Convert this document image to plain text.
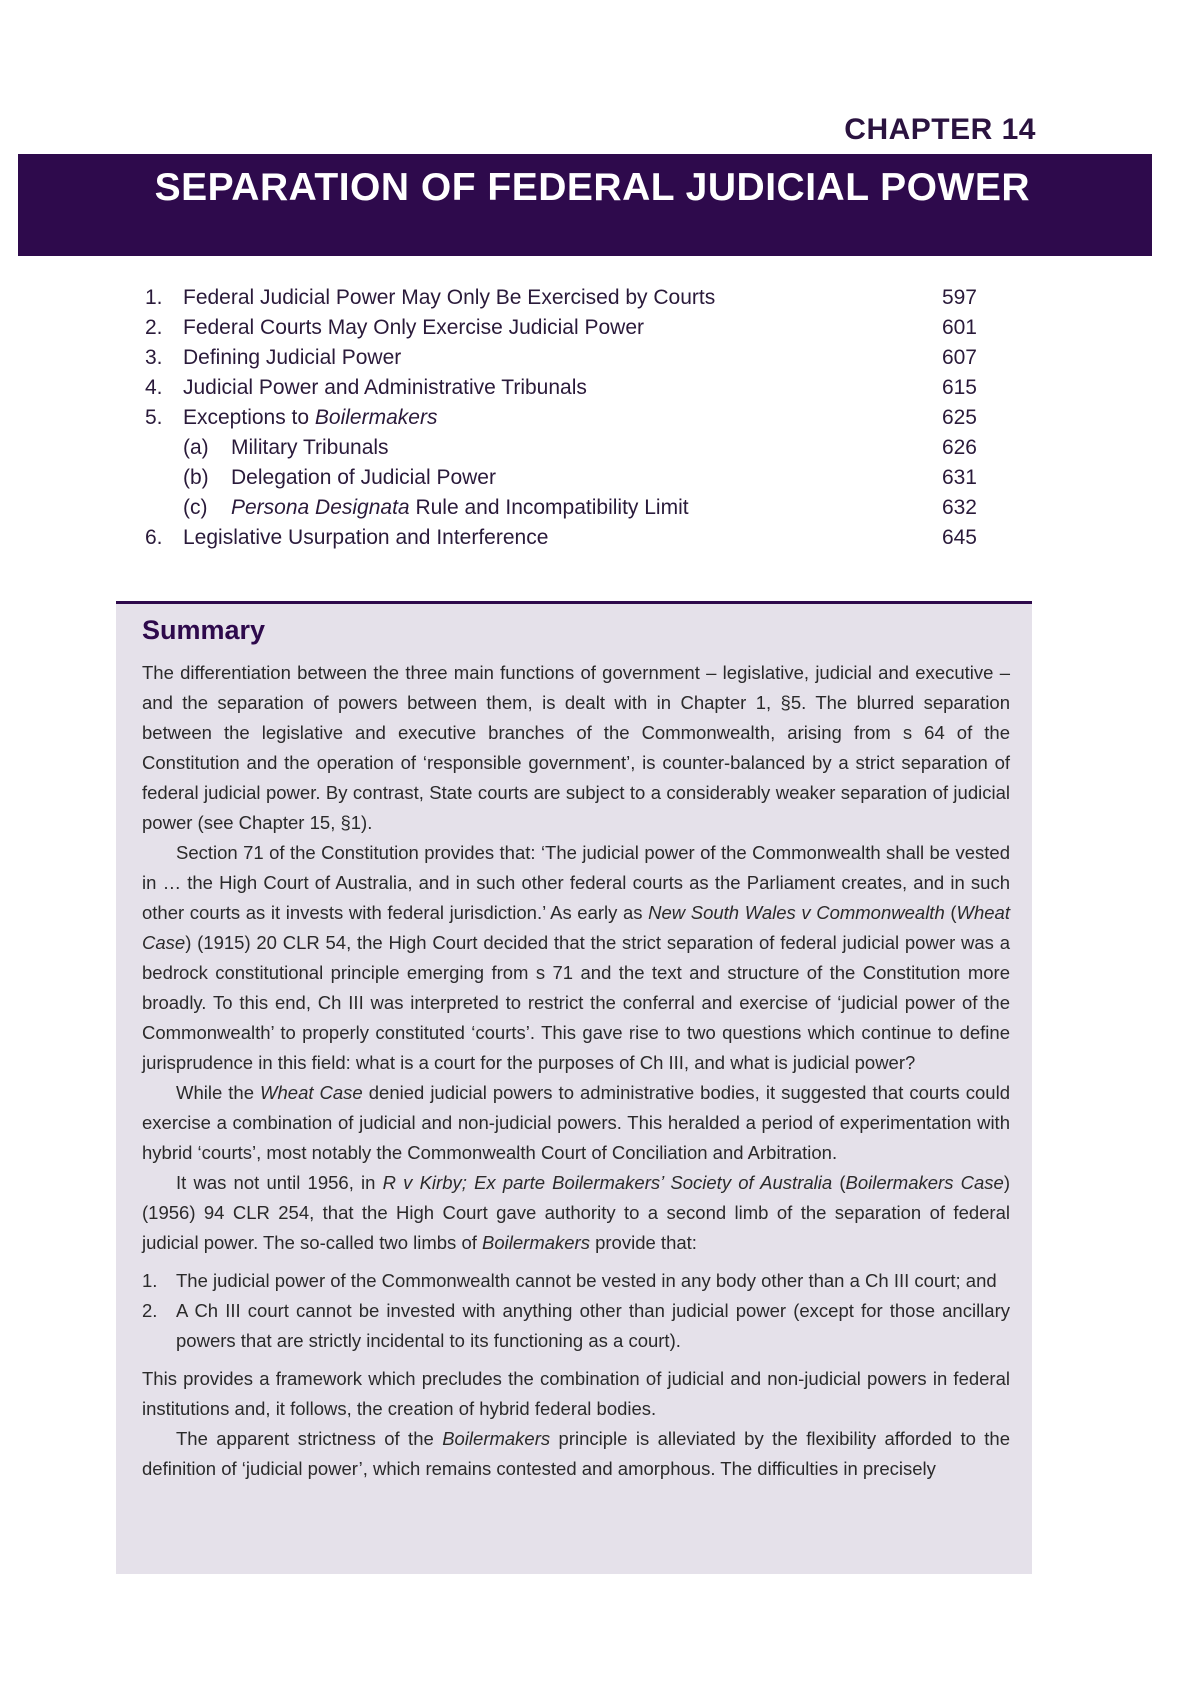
CHAPTER 14
SEPARATION OF FEDERAL JUDICIAL POWER
1. Federal Judicial Power May Only Be Exercised by Courts	597
2. Federal Courts May Only Exercise Judicial Power	601
3. Defining Judicial Power	607
4. Judicial Power and Administrative Tribunals	615
5. Exceptions to Boilermakers	625
(a) Military Tribunals	626
(b) Delegation of Judicial Power	631
(c) Persona Designata Rule and Incompatibility Limit	632
6. Legislative Usurpation and Interference	645
Summary

The differentiation between the three main functions of government – legislative, judicial and executive – and the separation of powers between them, is dealt with in Chapter 1, §5. The blurred separation between the legislative and executive branches of the Commonwealth, arising from s 64 of the Constitution and the operation of ‘responsible government’, is counter-balanced by a strict separation of federal judicial power. By contrast, State courts are subject to a considerably weaker separation of judicial power (see Chapter 15, §1).

Section 71 of the Constitution provides that: ‘The judicial power of the Commonwealth shall be vested in … the High Court of Australia, and in such other federal courts as the Parliament creates, and in such other courts as it invests with federal jurisdiction.’ As early as New South Wales v Commonwealth (Wheat Case) (1915) 20 CLR 54, the High Court decided that the strict separation of federal judicial power was a bedrock constitutional principle emerging from s 71 and the text and structure of the Constitution more broadly. To this end, Ch III was interpreted to restrict the conferral and exercise of ‘judicial power of the Commonwealth’ to properly constituted ‘courts’. This gave rise to two questions which continue to define jurisprudence in this field: what is a court for the purposes of Ch III, and what is judicial power?

While the Wheat Case denied judicial powers to administrative bodies, it suggested that courts could exercise a combination of judicial and non-judicial powers. This heralded a period of experimentation with hybrid ‘courts’, most notably the Commonwealth Court of Conciliation and Arbitration.

It was not until 1956, in R v Kirby; Ex parte Boilermakers’ Society of Australia (Boilermakers Case) (1956) 94 CLR 254, that the High Court gave authority to a second limb of the separation of federal judicial power. The so-called two limbs of Boilermakers provide that:

1. The judicial power of the Commonwealth cannot be vested in any body other than a Ch III court; and
2. A Ch III court cannot be invested with anything other than judicial power (except for those ancillary powers that are strictly incidental to its functioning as a court).

This provides a framework which precludes the combination of judicial and non-judicial powers in federal institutions and, it follows, the creation of hybrid federal bodies.

The apparent strictness of the Boilermakers principle is alleviated by the flexibility afforded to the definition of ‘judicial power’, which remains contested and amorphous. The difficulties in precisely
